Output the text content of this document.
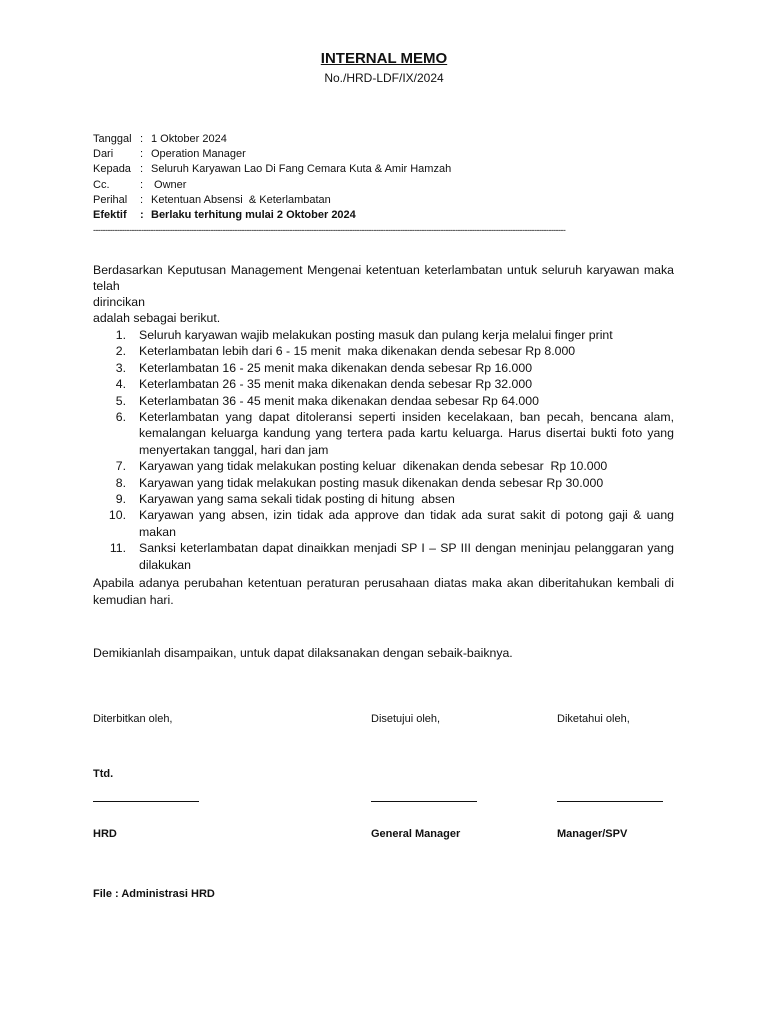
INTERNAL MEMO
No./HRD-LDF/IX/2024
Tanggal	:	1 Oktober 2024
Dari	:	Operation Manager
Kepada	:	Seluruh Karyawan Lao Di Fang Cemara Kuta & Amir Hamzah
Cc.	:	Owner
Perihal	:	Ketentuan Absensi  & Keterlambatan
Efektif	:	Berlaku terhitung mulai 2 Oktober 2024
-----------------------------------------------------------------------------------------------------------------------------------------------------------------------------------------------------

Berdasarkan Keputusan Management Mengenai ketentuan keterlambatan untuk seluruh karyawan maka telah

dirincikan

adalah sebagai berikut.

1.	Seluruh karyawan wajib melakukan posting masuk dan pulang kerja melalui finger print
2.	Keterlambatan lebih dari 6 - 15 menit  maka dikenakan denda sebesar Rp 8.000
3.	Keterlambatan 16 - 25 menit maka dikenakan denda sebesar Rp 16.000
4.	Keterlambatan 26 - 35 menit maka dikenakan denda sebesar Rp 32.000
5.	Keterlambatan 36 - 45 menit maka dikenakan dendaa sebesar Rp 64.000
6.	Keterlambatan yang dapat ditoleransi seperti insiden kecelakaan, ban pecah, bencana alam, kemalangan keluarga kandung yang tertera pada kartu keluarga. Harus disertai bukti foto yang menyertakan tanggal, hari dan jam
7.	Karyawan yang tidak melakukan posting keluar  dikenakan denda sebesar  Rp 10.000
8.	Karyawan yang tidak melakukan posting masuk dikenakan denda sebesar Rp 30.000
9.	Karyawan yang sama sekali tidak posting di hitung  absen
10.	Karyawan yang absen, izin tidak ada approve dan tidak ada surat sakit di potong gaji & uang makan
11.	Sanksi keterlambatan dapat dinaikkan menjadi SP I – SP III dengan meninjau pelanggaran yang dilakukan

Apabila adanya perubahan ketentuan peraturan perusahaan diatas maka akan diberitahukan kembali di kemudian hari.

Demikianlah disampaikan, untuk dapat dilaksanakan dengan sebaik-baiknya.

Diterbitkan oleh,
HRD
Disetujui oleh,
General Manager
Diketahui oleh,
Manager/SPV
Ttd.
File : Administrasi HRD
